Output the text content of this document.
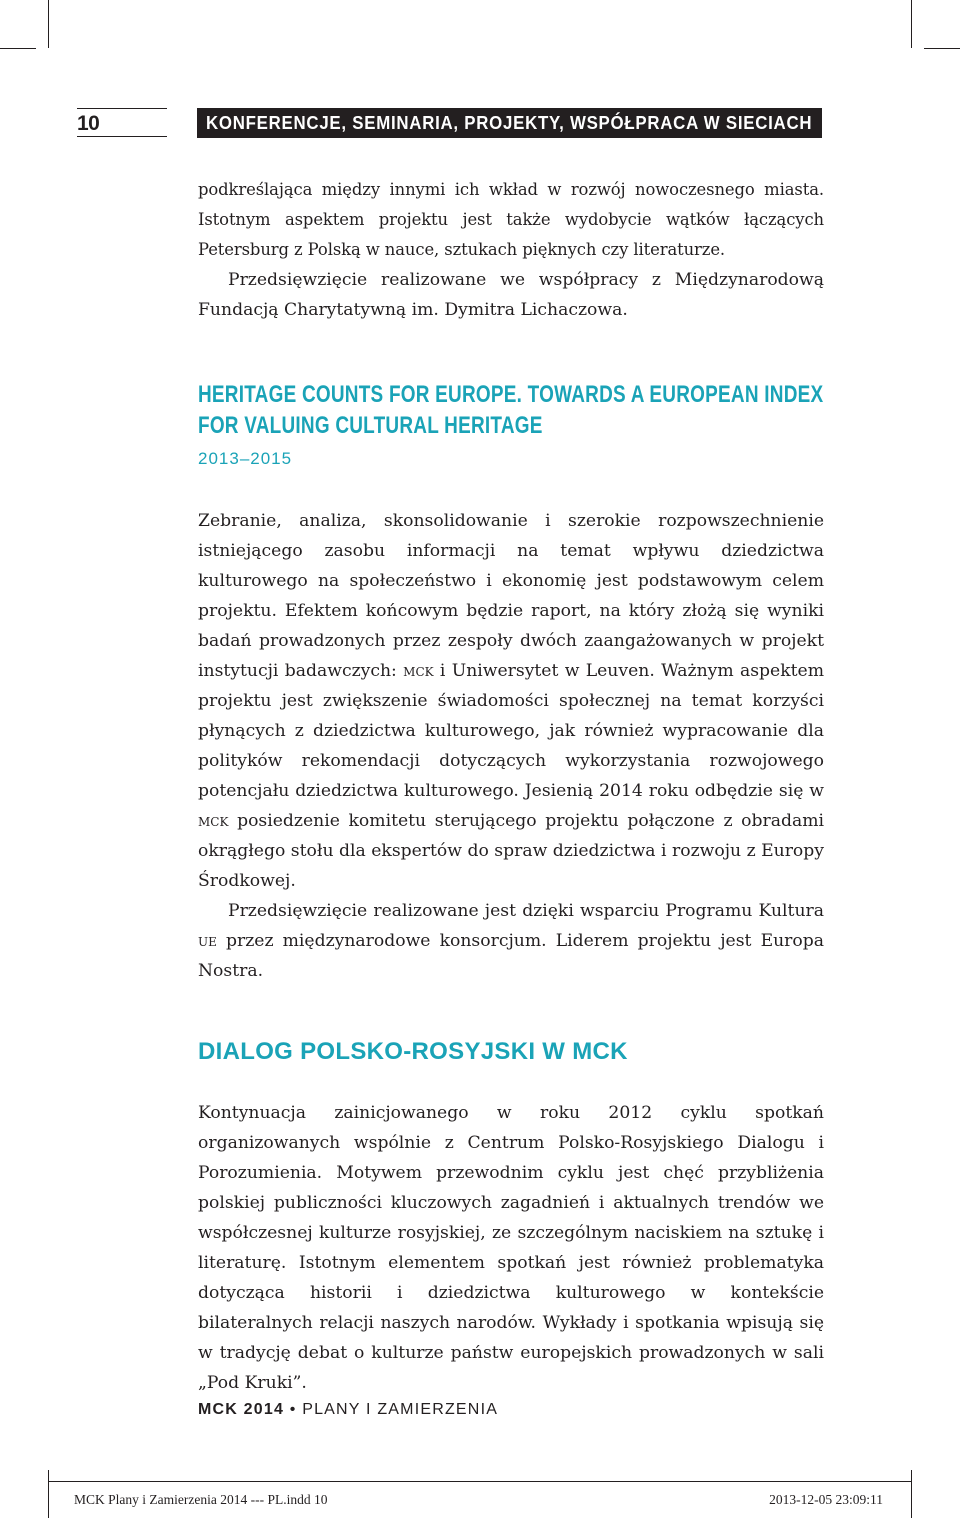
10	KONFERENCJE, SEMINARIA, PROJEKTY, WSPÓŁPRACA W SIECIACH

podkreślająca między innymi ich wkład w rozwój nowoczesnego miasta. Istotnym aspektem projektu jest także wydobycie wątków łączących Petersburg z Polską w nauce, sztukach pięknych czy literaturze.

Przedsięwzięcie realizowane we współpracy z Międzynarodową Fundacją Charytatywną im. Dymitra Lichaczowa.

HERITAGE COUNTS FOR EUROPE. TOWARDS A EUROPEAN INDEX
FOR VALUING CULTURAL HERITAGE
2013–2015

Zebranie, analiza, skonsolidowanie i szerokie rozpowszechnienie istniejącego zasobu informacji na temat wpływu dziedzictwa kulturowego na społeczeństwo i ekonomię jest podstawowym celem projektu. Efektem końcowym będzie raport, na który złożą się wyniki badań prowadzonych przez zespoły dwóch zaangażowanych w projekt instytucji badawczych: mck i Uniwersytet w Leuven. Ważnym aspektem projektu jest zwiększenie świadomości społecznej na temat korzyści płynących z dziedzictwa kulturowego, jak również wypracowanie dla polityków rekomendacji dotyczących wykorzystania rozwojowego potencjału dziedzictwa kulturowego. Jesienią 2014 roku odbędzie się w mck posiedzenie komitetu sterującego projektu połączone z obradami okrągłego stołu dla ekspertów do spraw dziedzictwa i rozwoju z Europy Środkowej.

Przedsięwzięcie realizowane jest dzięki wsparciu Programu Kultura ue przez międzynarodowe konsorcjum. Liderem projektu jest Europa Nostra.

DIALOG POLSKO-ROSYJSKI W MCK

Kontynuacja zainicjowanego w roku 2012 cyklu spotkań organizowanych wspólnie z Centrum Polsko-Rosyjskiego Dialogu i Porozumienia. Motywem przewodnim cyklu jest chęć przybliżenia polskiej publiczności kluczowych zagadnień i aktualnych trendów we współczesnej kulturze rosyjskiej, ze szczególnym naciskiem na sztukę i literaturę. Istotnym elementem spotkań jest również problematyka dotycząca historii i dziedzictwa kulturowego w kontekście bilateralnych relacji naszych narodów. Wykłady i spotkania wpisują się w tradycję debat o kulturze państw europejskich prowadzonych w sali „Pod Kruki”.

MCK 2014 • PLANY I ZAMIERZENIA
MCK Plany i Zamierzenia 2014 --- PL.indd 10	2013-12-05 23:09:11
